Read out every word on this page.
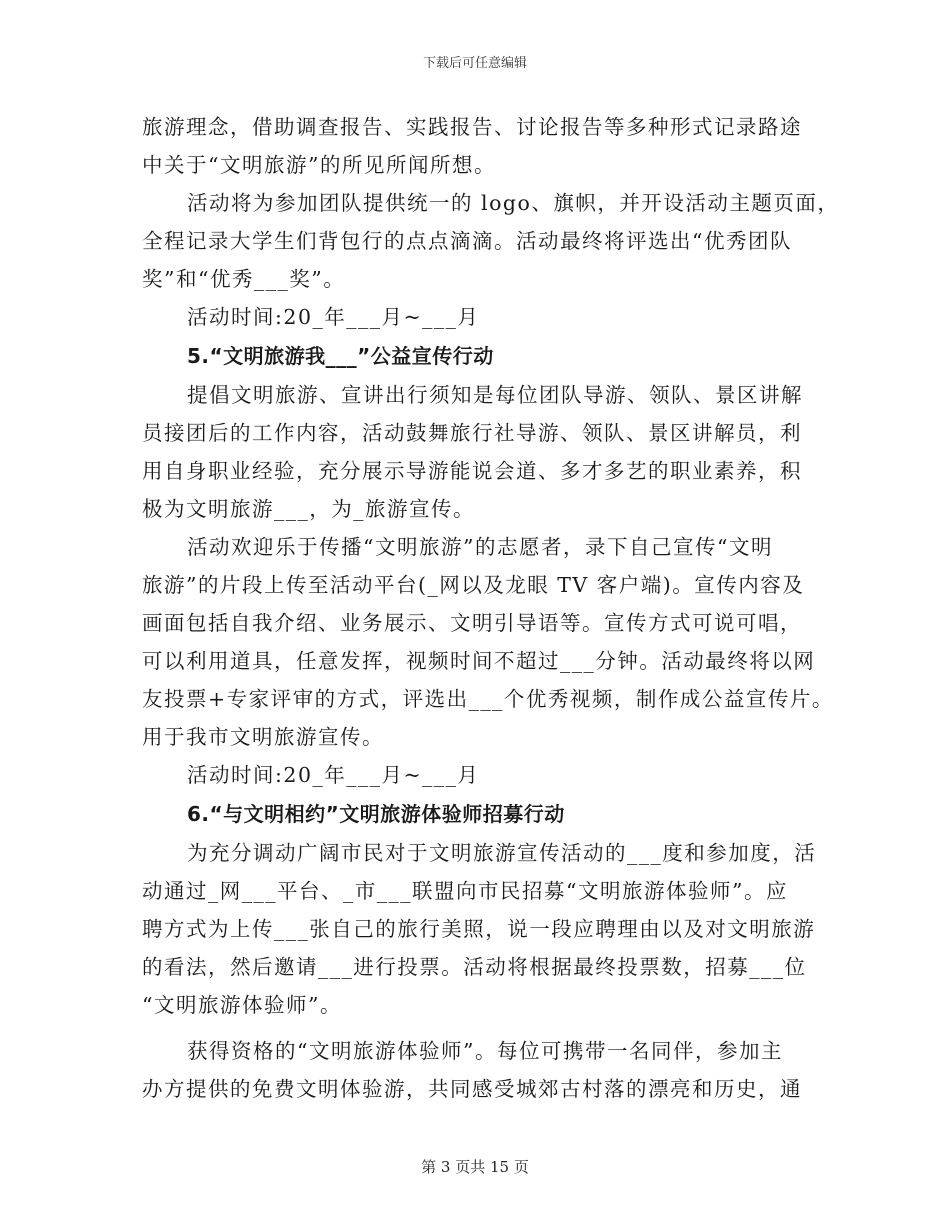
下载后可任意编辑

旅游理念，借助调查报告、实践报告、讨论报告等多种形式记录路途
中关于“文明旅游”的所见所闻所想。

活动将为参加团队提供统一的 logo、旗帜，并开设活动主题页面，
全程记录大学生们背包行的点点滴滴。活动最终将评选出“优秀团队
奖”和“优秀___奖”。

活动时间:20_年___月~___月

5.“文明旅游我___”公益宣传行动

提倡文明旅游、宣讲出行须知是每位团队导游、领队、景区讲解
员接团后的工作内容，活动鼓舞旅行社导游、领队、景区讲解员，利
用自身职业经验，充分展示导游能说会道、多才多艺的职业素养，积
极为文明旅游___，为_旅游宣传。

活动欢迎乐于传播“文明旅游”的志愿者，录下自己宣传“文明
旅游”的片段上传至活动平台(_网以及龙眼 TV 客户端)。宣传内容及
画面包括自我介绍、业务展示、文明引导语等。宣传方式可说可唱，
可以利用道具，任意发挥，视频时间不超过___分钟。活动最终将以网
友投票+专家评审的方式，评选出___个优秀视频，制作成公益宣传片。
用于我市文明旅游宣传。

活动时间:20_年___月~___月

6.“与文明相约”文明旅游体验师招募行动

为充分调动广阔市民对于文明旅游宣传活动的___度和参加度，活
动通过_网___平台、_市___联盟向市民招募“文明旅游体验师”。应
聘方式为上传___张自己的旅行美照，说一段应聘理由以及对文明旅游
的看法，然后邀请___进行投票。活动将根据最终投票数，招募___位
“文明旅游体验师”。

获得资格的“文明旅游体验师”。每位可携带一名同伴，参加主
办方提供的免费文明体验游，共同感受城郊古村落的漂亮和历史，通

第 3 页共 15 页
